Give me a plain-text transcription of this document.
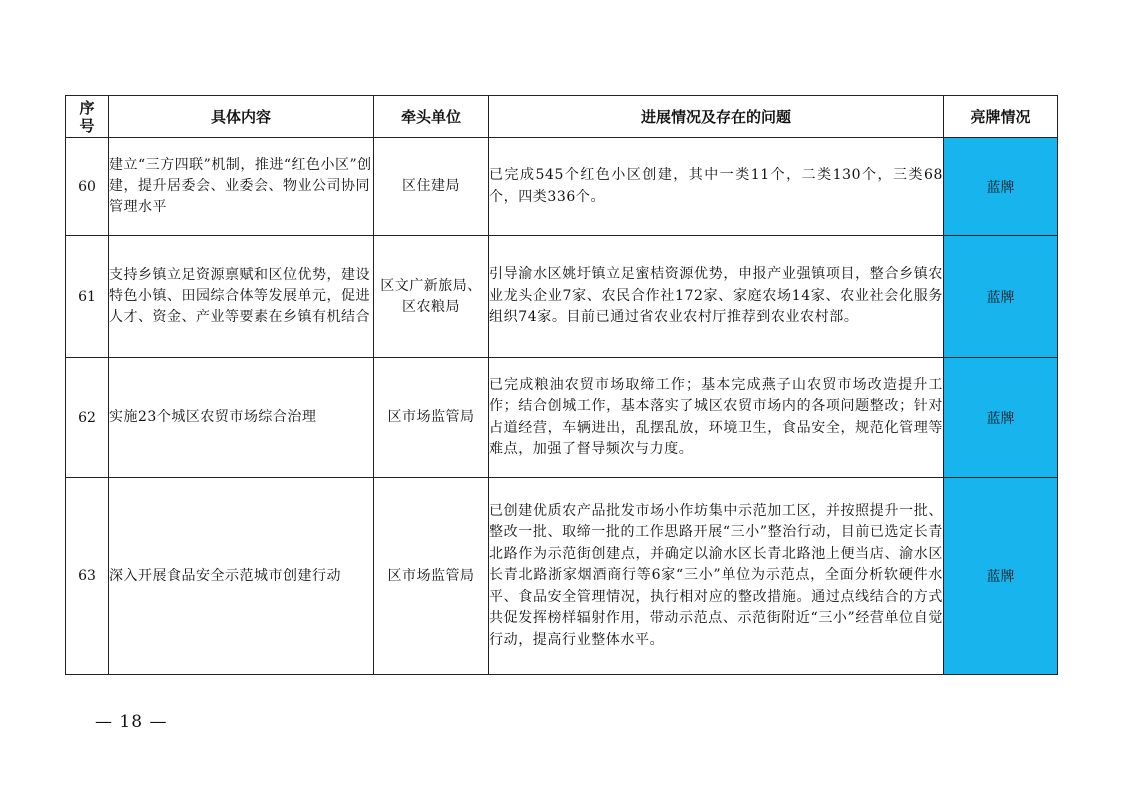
序
号	具体内容	牵头单位	进展情况及存在的问题	亮牌情况
60	建立“三方四联”机制，推进“红色小区”创建，提升居委会、业委会、物业公司协同管理水平	区住建局	已完成545个红色小区创建，其中一类11个，二类130个，三类68个，四类336个。	蓝牌
61	支持乡镇立足资源禀赋和区位优势，建设特色小镇、田园综合体等发展单元，促进人才、资金、产业等要素在乡镇有机结合	区文广新旅局、区农粮局	引导渝水区姚圩镇立足蜜桔资源优势，申报产业强镇项目，整合乡镇农业龙头企业7家、农民合作社172家、家庭农场14家、农业社会化服务组织74家。目前已通过省农业农村厅推荐到农业农村部。	蓝牌
62	实施23个城区农贸市场综合治理	区市场监管局	已完成粮油农贸市场取缔工作；基本完成燕子山农贸市场改造提升工作；结合创城工作，基本落实了城区农贸市场内的各项问题整改；针对占道经营，车辆进出，乱摆乱放，环境卫生，食品安全，规范化管理等难点，加强了督导频次与力度。	蓝牌
63	深入开展食品安全示范城市创建行动	区市场监管局	已创建优质农产品批发市场小作坊集中示范加工区，并按照提升一批、整改一批、取缔一批的工作思路开展“三小”整治行动，目前已选定长青北路作为示范街创建点，并确定以渝水区长青北路池上便当店、渝水区长青北路浙家烟酒商行等6家“三小”单位为示范点，全面分析软硬件水平、食品安全管理情况，执行相对应的整改措施。通过点线结合的方式共促发挥榜样辐射作用，带动示范点、示范街附近“三小”经营单位自觉行动，提高行业整体水平。	蓝牌
— 18 —
